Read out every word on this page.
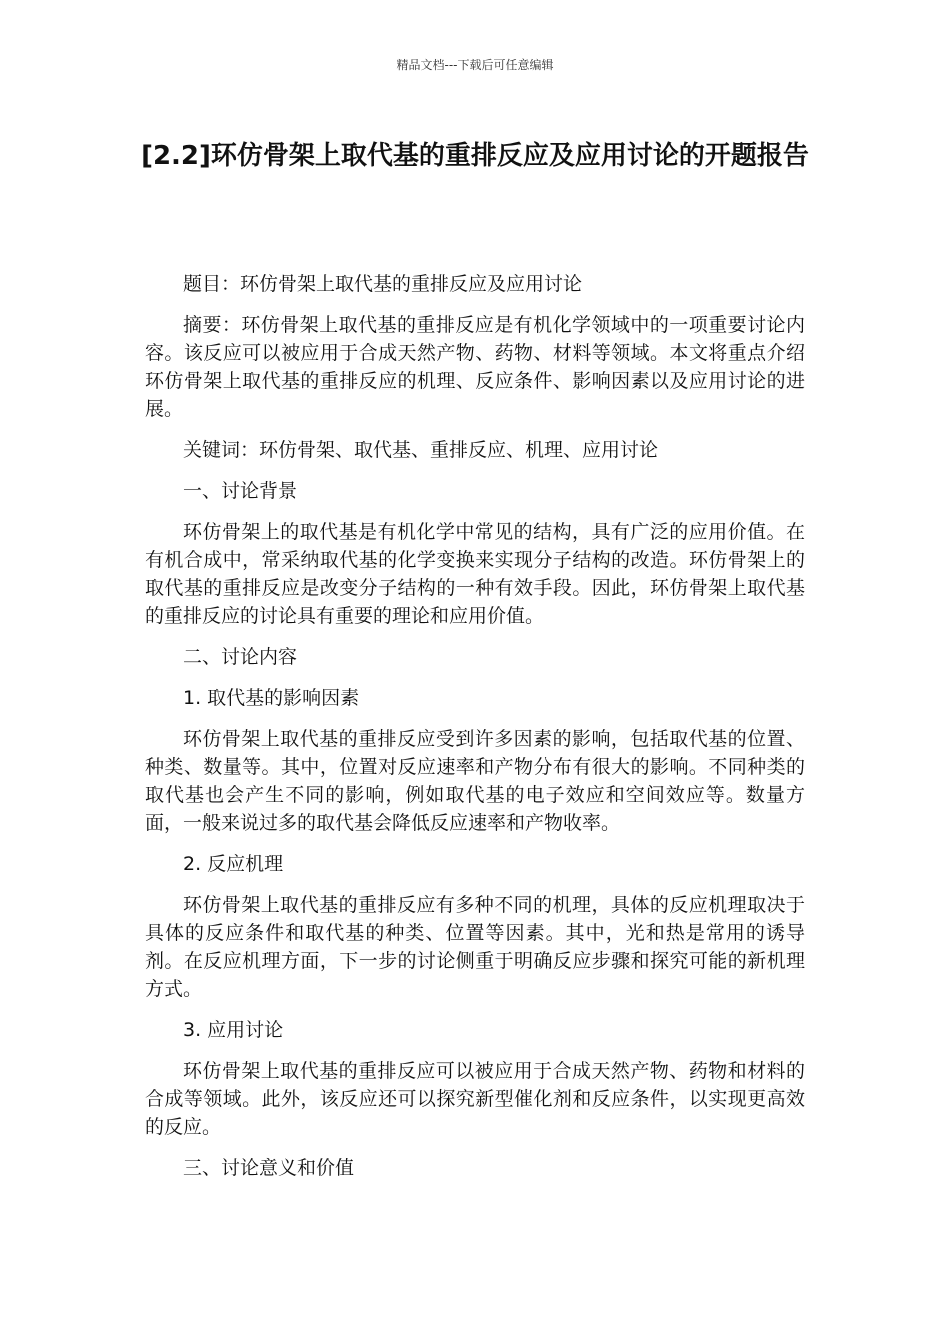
精品文档---下载后可任意编辑
[2.2]环仿骨架上取代基的重排反应及应用讨论的开题报告

题目：环仿骨架上取代基的重排反应及应用讨论

摘要：环仿骨架上取代基的重排反应是有机化学领域中的一项重要讨论内容。该反应可以被应用于合成天然产物、药物、材料等领域。本文将重点介绍环仿骨架上取代基的重排反应的机理、反应条件、影响因素以及应用讨论的进展。

关键词：环仿骨架、取代基、重排反应、机理、应用讨论

一、讨论背景

环仿骨架上的取代基是有机化学中常见的结构，具有广泛的应用价值。在有机合成中，常采纳取代基的化学变换来实现分子结构的改造。环仿骨架上的取代基的重排反应是改变分子结构的一种有效手段。因此，环仿骨架上取代基的重排反应的讨论具有重要的理论和应用价值。

二、讨论内容

1. 取代基的影响因素

环仿骨架上取代基的重排反应受到许多因素的影响，包括取代基的位置、种类、数量等。其中，位置对反应速率和产物分布有很大的影响。不同种类的取代基也会产生不同的影响，例如取代基的电子效应和空间效应等。数量方面，一般来说过多的取代基会降低反应速率和产物收率。

2. 反应机理

环仿骨架上取代基的重排反应有多种不同的机理，具体的反应机理取决于具体的反应条件和取代基的种类、位置等因素。其中，光和热是常用的诱导剂。在反应机理方面，下一步的讨论侧重于明确反应步骤和探究可能的新机理方式。

3. 应用讨论

环仿骨架上取代基的重排反应可以被应用于合成天然产物、药物和材料的合成等领域。此外，该反应还可以探究新型催化剂和反应条件，以实现更高效的反应。

三、讨论意义和价值
